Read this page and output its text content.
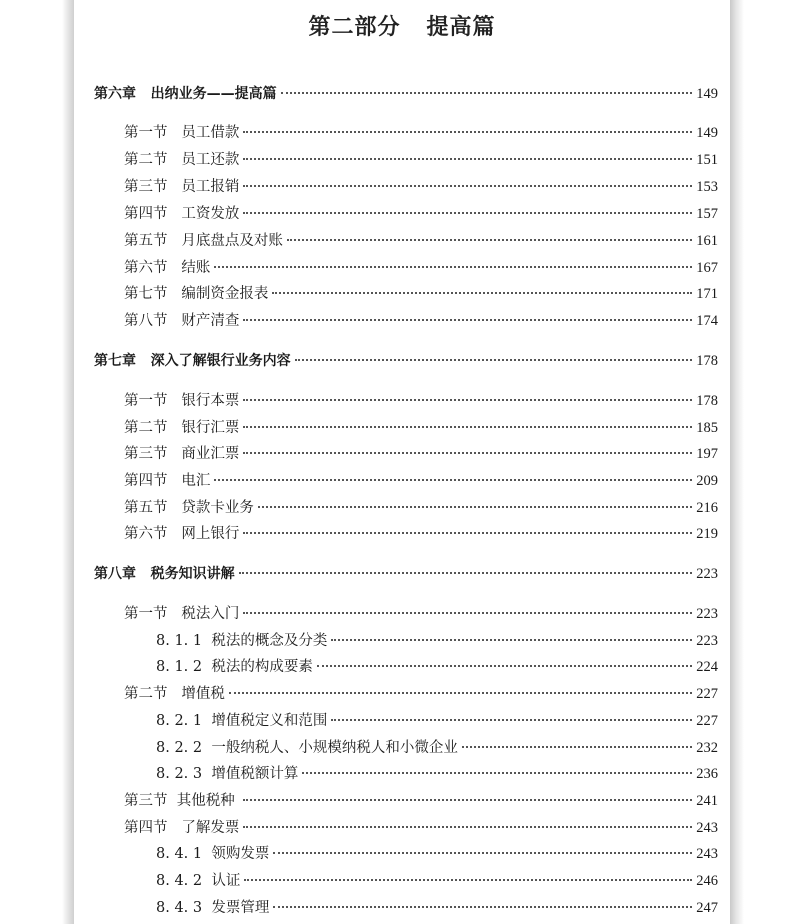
第二部分   提高篇
第六章   出纳业务——提高篇	149
第一节   员工借款	149
第二节   员工还款	151
第三节   员工报销	153
第四节   工资发放	157
第五节   月底盘点及对账	161
第六节   结账	167
第七节   编制资金报表	171
第八节   财产清查	174
第七章   深入了解银行业务内容	178
第一节   银行本票	178
第二节   银行汇票	185
第三节   商业汇票	197
第四节   电汇	209
第五节   贷款卡业务	216
第六节   网上银行	219
第八章   税务知识讲解	223
第一节   税法入门	223
8. 1. 1  税法的概念及分类	223
8. 1. 2  税法的构成要素	224
第二节   增值税	227
8. 2. 1  增值税定义和范围	227
8. 2. 2  一般纳税人、小规模纳税人和小微企业	232
8. 2. 3  增值税额计算	236
第三节  其他税种	241
第四节   了解发票	243
8. 4. 1  领购发票	243
8. 4. 2  认证	246
8. 4. 3  发票管理	247
